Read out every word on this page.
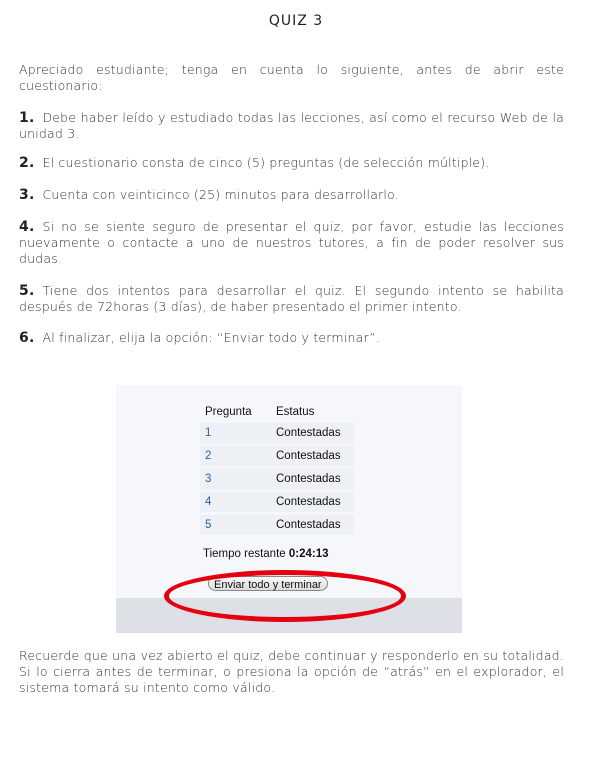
QUIZ 3

Apreciado estudiante; tenga en cuenta lo siguiente, antes de abrir este cuestionario:

1. Debe haber leído y estudiado todas las lecciones, así como el recurso Web de la unidad 3.

2. El cuestionario consta de cinco (5) preguntas (de selección múltiple).

3. Cuenta con veinticinco (25) minutos para desarrollarlo.

4. Si no se siente seguro de presentar el quiz, por favor, estudie las lecciones nuevamente o contacte a uno de nuestros tutores, a fin de poder resolver sus dudas.

5. Tiene dos intentos para desarrollar el quiz. El segundo intento se habilita después de 72horas (3 días), de haber presentado el primer intento.

6. Al finalizar, elija la opción: “Enviar todo y terminar”.

Pregunta	Estatus
1	Contestadas
2	Contestadas
3	Contestadas
4	Contestadas
5	Contestadas
Tiempo restante 0:24:13
Enviar todo y terminar

Recuerde que una vez abierto el quiz, debe continuar y responderlo en su totalidad. Si lo cierra antes de terminar, o presiona la opción de “atrás” en el explorador, el sistema tomará su intento como válido.
